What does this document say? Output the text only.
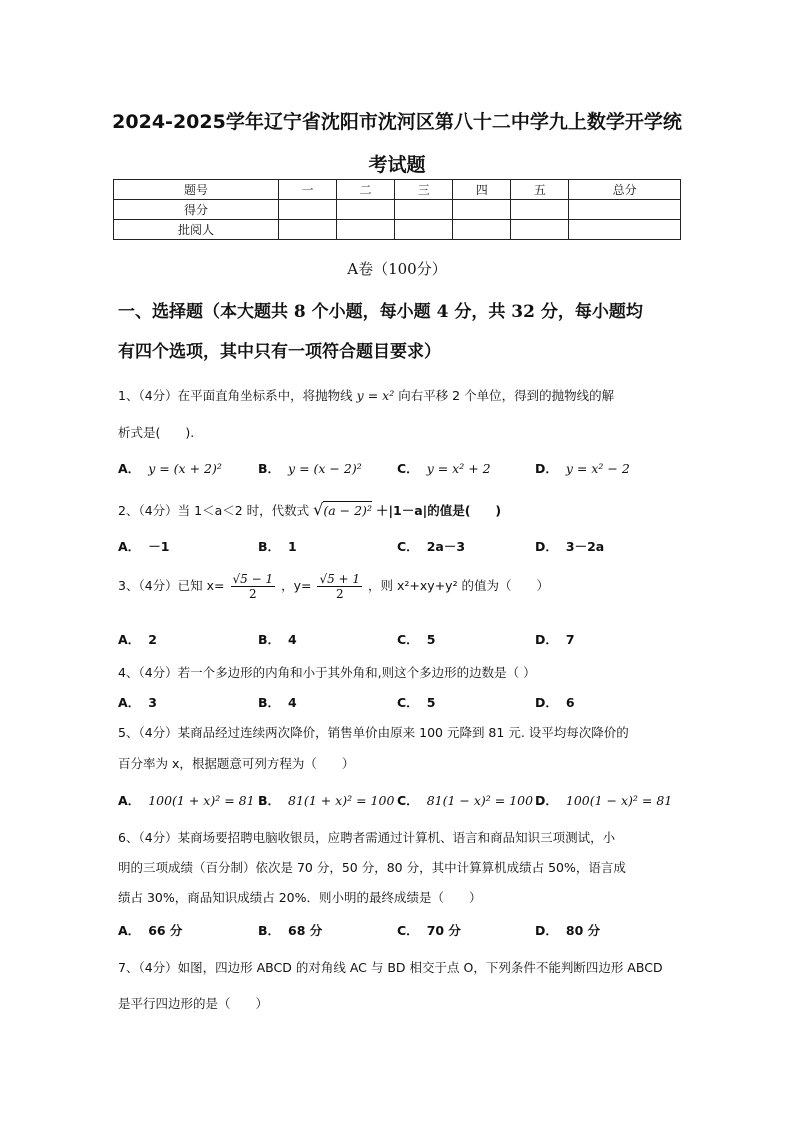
2024-2025学年辽宁省沈阳市沈河区第八十二中学九上数学开学统
考试题
题号	一	二	三	四	五	总分
得分						
批阅人						
A卷（100分）
一、选择题（本大题共 8 个小题，每小题 4 分，共 32 分，每小题均
有四个选项，其中只有一项符合题目要求）
1、（4分）在平面直角坐标系中，将抛物线 y = x² 向右平移 2 个单位，得到的抛物线的解
析式是(　　).
A． y = (x + 2)²	B． y = (x − 2)²	C． y = x² + 2	D． y = x² − 2
2、（4分）当 1＜a＜2 时，代数式 √(a − 2)² ＋|1－a|的值是(　　)
A． －1	B． 1	C． 2a－3	D． 3－2a
3、（4分）已知 $x= \frac{√5 - 1}{2}$ ，$y= \frac{√5 + 1}{2}$ ，则 x²+xy+y² 的值为（　　）
A． 2	B． 4	C． 5	D． 7
4、（4分）若一个多边形的内角和小于其外角和,则这个多边形的边数是（ ）
A． 3	B． 4	C． 5	D． 6
5、（4分）某商品经过连续两次降价，销售单价由原来 100 元降到 81 元. 设平均每次降价的
百分率为 x，根据题意可列方程为（　　）
A． 100(1 + x)² = 81 B． 81(1 + x)² = 100 C． 81(1 − x)² = 100 D． 100(1 − x)² = 81
6、（4分）某商场要招聘电脑收银员，应聘者需通过计算机、语言和商品知识三项测试，小
明的三项成绩（百分制）依次是 70 分，50 分，80 分，其中计算算机成绩占 50%，语言成
绩占 30%，商品知识成绩占 20%．则小明的最终成绩是（　　）
A． 66 分	B． 68 分	C． 70 分	D． 80 分
7、（4分）如图，四边形 ABCD 的对角线 AC 与 BD 相交于点 O，下列条件不能判断四边形 ABCD
是平行四边形的是（　　）
